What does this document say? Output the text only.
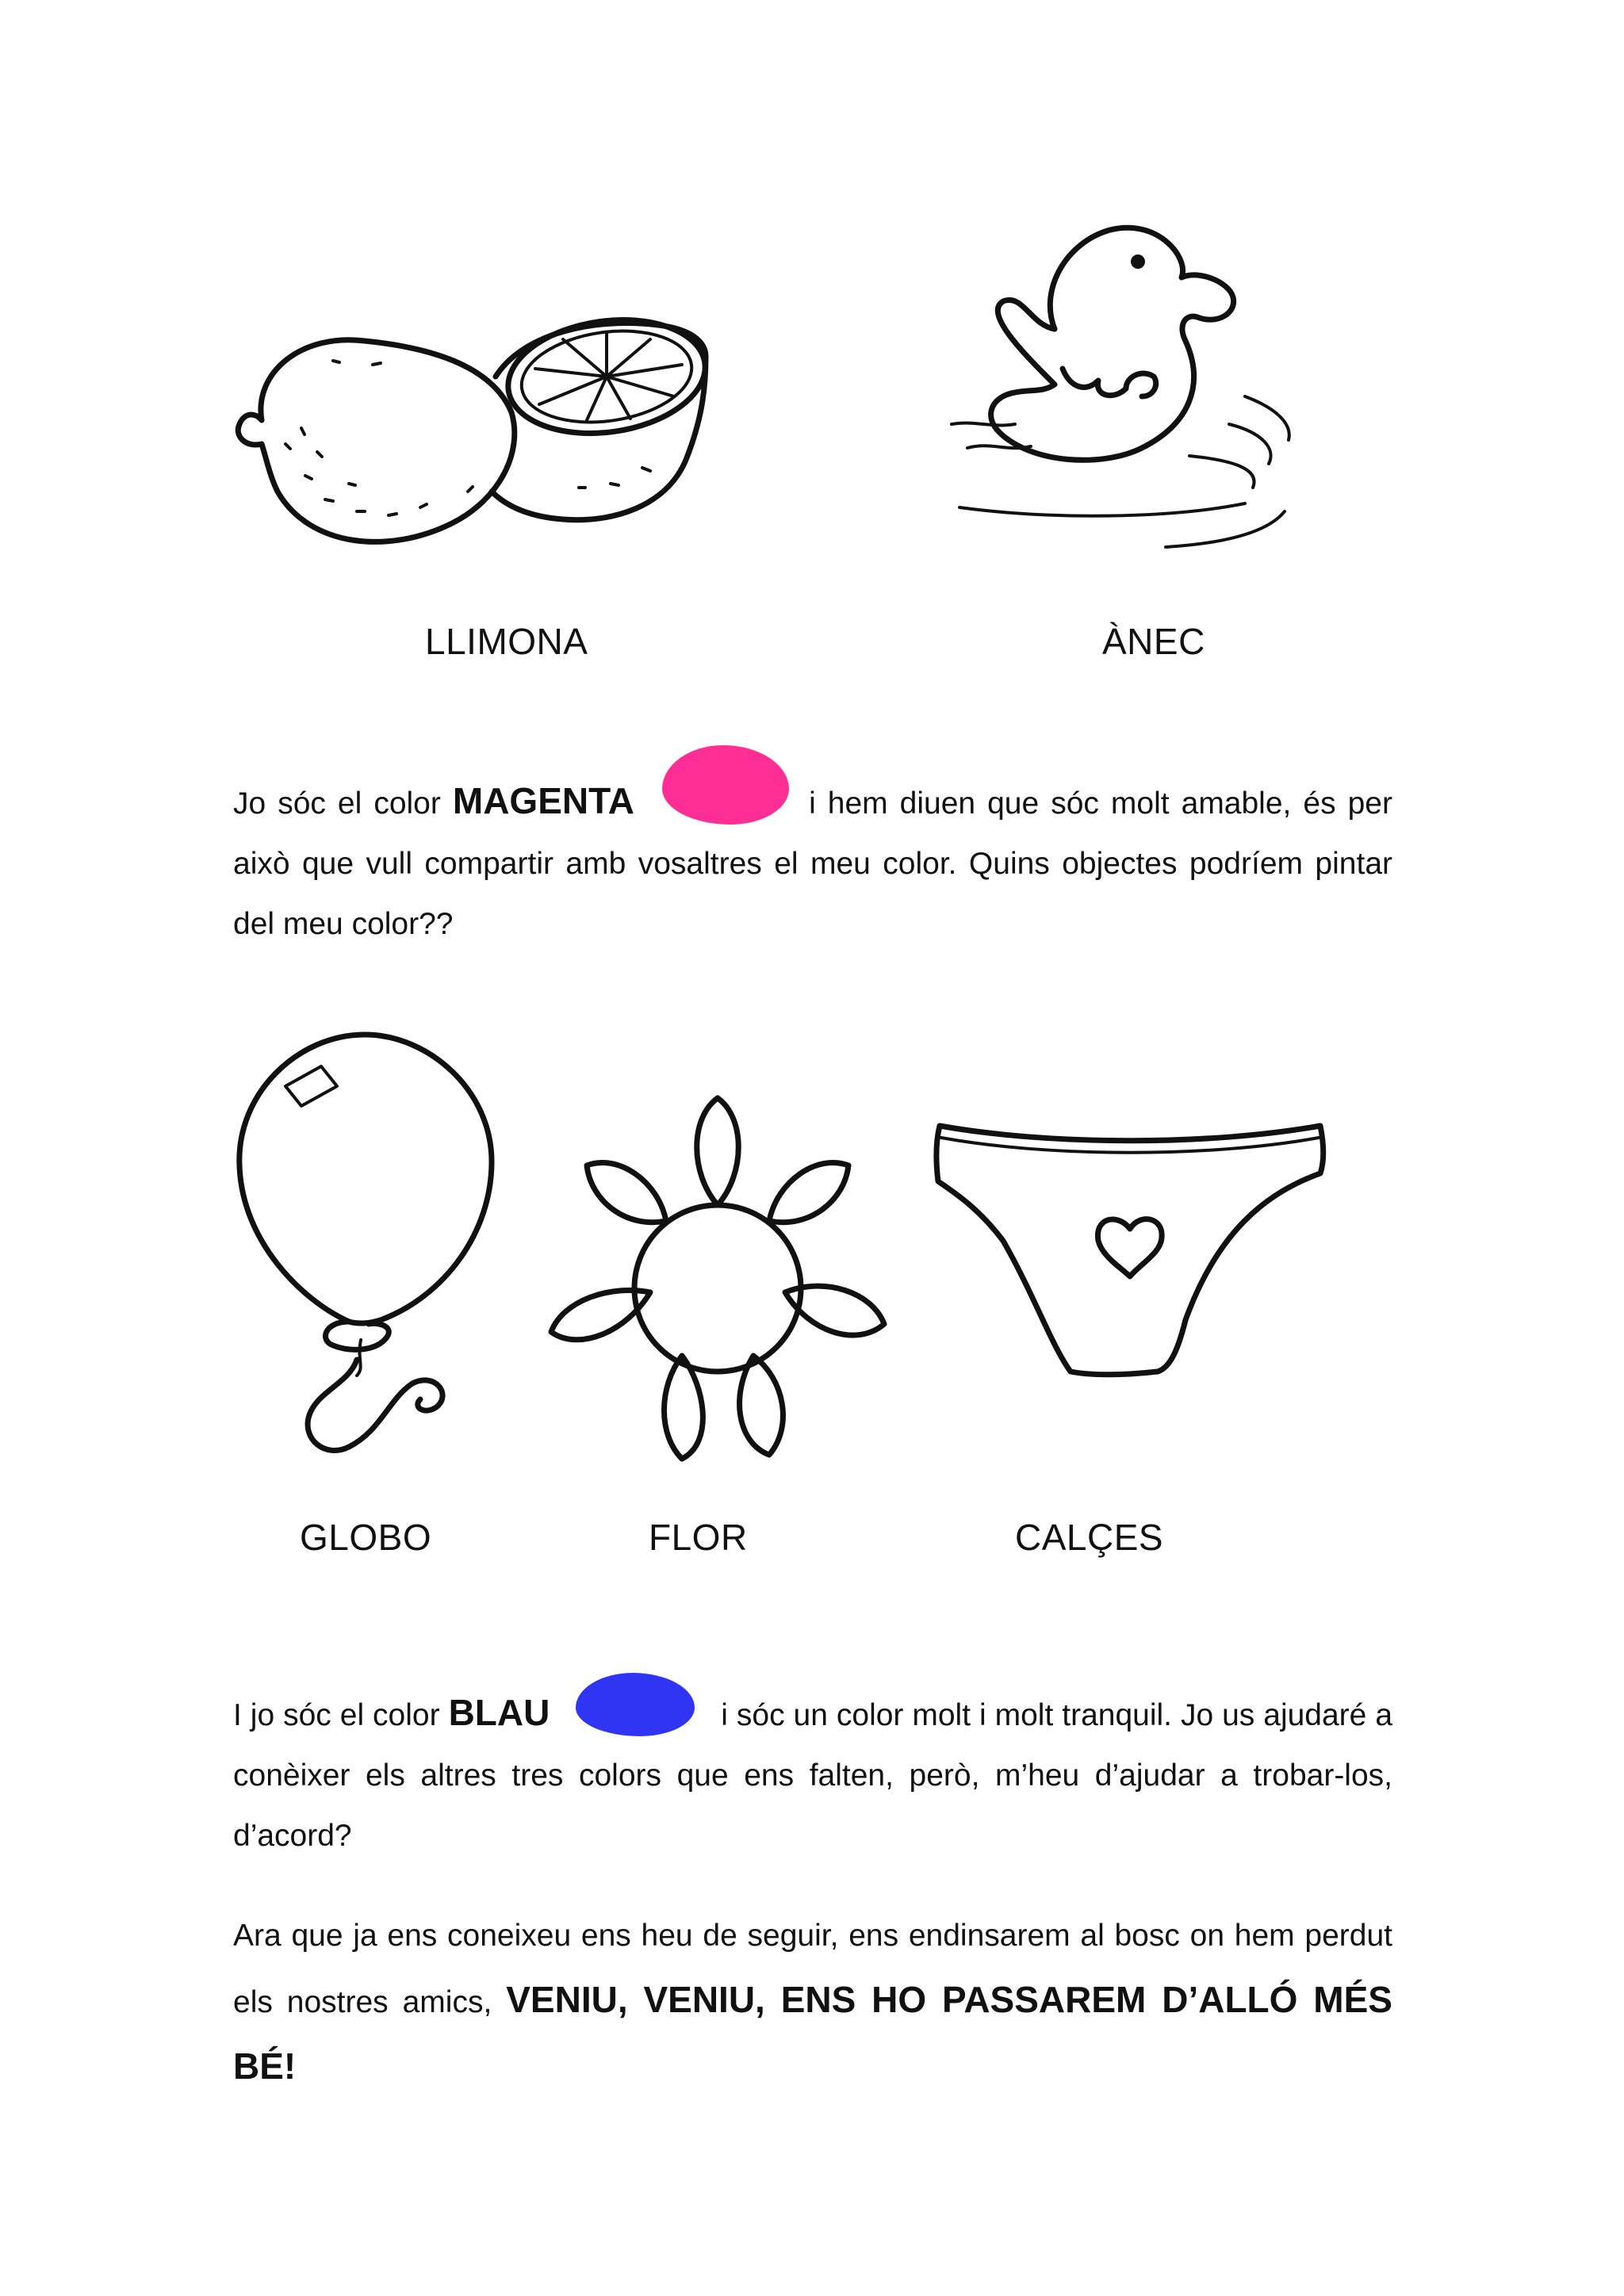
LLIMONA	ÀNEC
Jo sóc el color MAGENTA	i hem diuen que sóc molt amable, és per això que vull compartir amb vosaltres el meu color. Quins objectes podríem pintar del meu color??
GLOBO	FLOR	CALÇES
I jo sóc el color BLAU	i sóc un color molt i molt tranquil. Jo us ajudaré a conèixer els altres tres colors que ens falten, però, m’heu d’ajudar a trobar-los, d’acord?
Ara que ja ens coneixeu ens heu de seguir, ens endinsarem al bosc on hem perdut els nostres amics, VENIU, VENIU, ENS HO PASSAREM D’ALLÓ MÉS BÉ!
